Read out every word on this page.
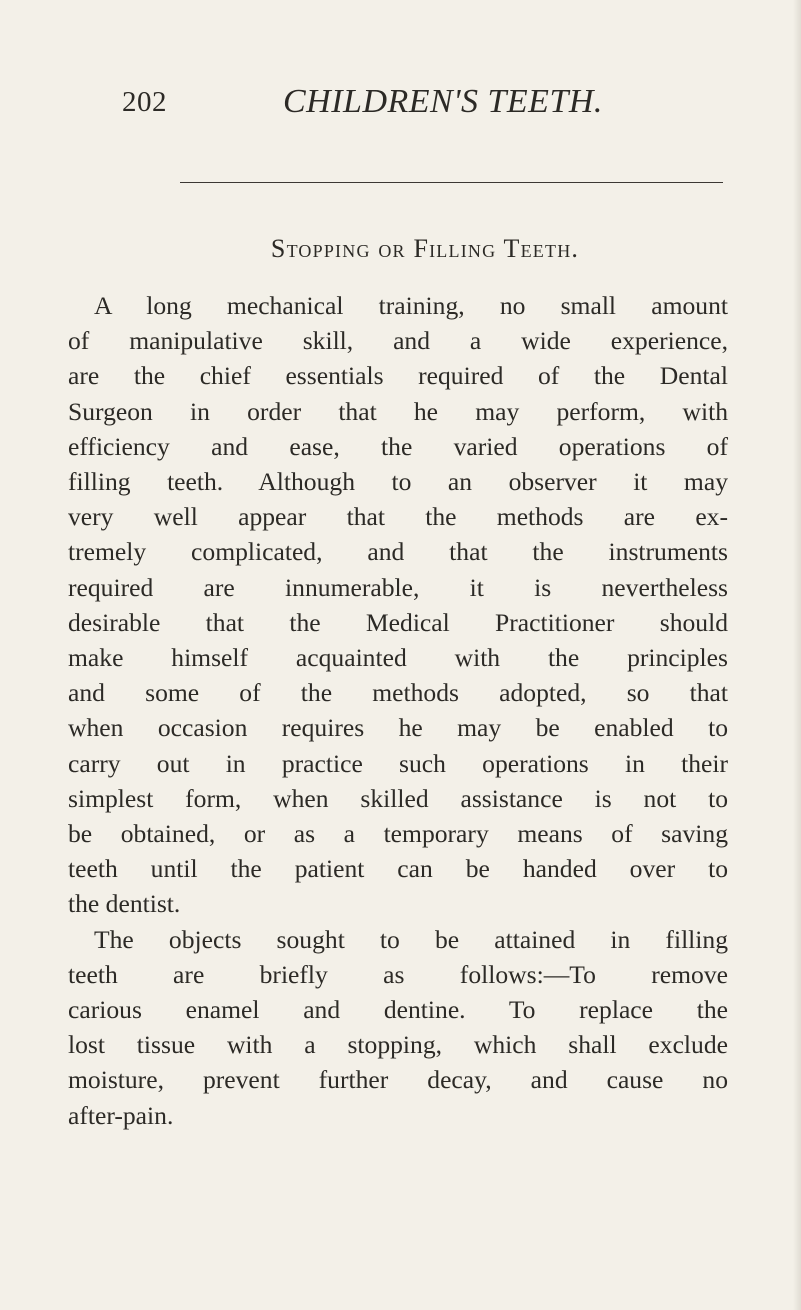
202	CHILDREN'S TEETH.
Stopping or Filling Teeth.
A long mechanical training, no small amount
of manipulative skill, and a wide experience,
are the chief essentials required of the Dental
Surgeon in order that he may perform, with
efficiency and ease, the varied operations of
filling teeth. Although to an observer it may
very well appear that the methods are ex-
tremely complicated, and that the instruments
required are innumerable, it is nevertheless
desirable that the Medical Practitioner should
make himself acquainted with the principles
and some of the methods adopted, so that
when occasion requires he may be enabled to
carry out in practice such operations in their
simplest form, when skilled assistance is not to
be obtained, or as a temporary means of saving
teeth until the patient can be handed over to
the dentist.
The objects sought to be attained in filling
teeth are briefly as follows:—To remove
carious enamel and dentine. To replace the
lost tissue with a stopping, which shall exclude
moisture, prevent further decay, and cause no
after-pain.
